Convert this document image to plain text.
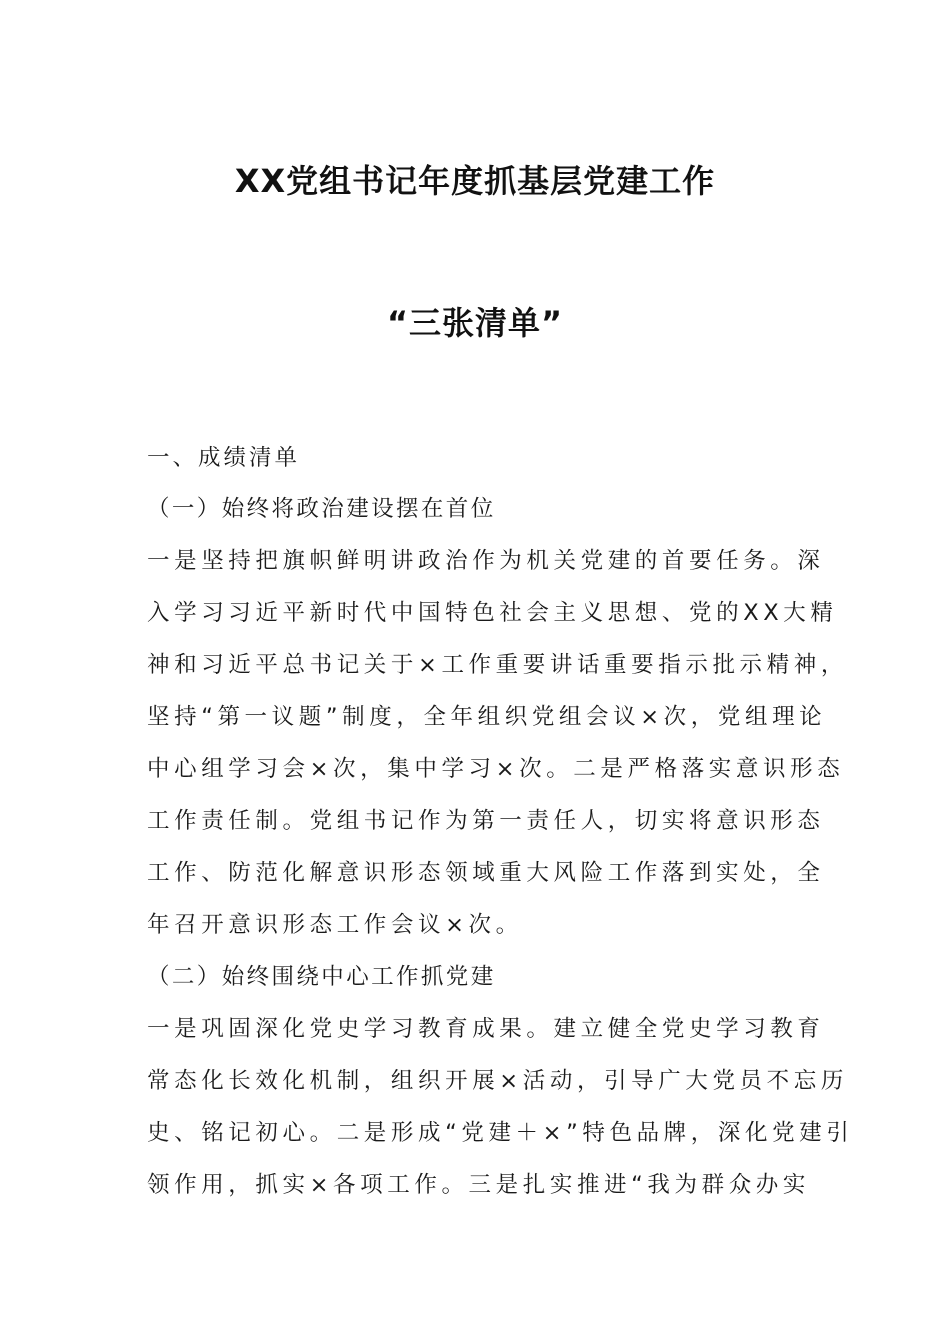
XX党组书记年度抓基层党建工作
“三张清单”
一、成绩清单
（一）始终将政治建设摆在首位
一是坚持把旗帜鲜明讲政治作为机关党建的首要任务。深
入学习习近平新时代中国特色社会主义思想、党的XX大精
神和习近平总书记关于×工作重要讲话重要指示批示精神，
坚持“第一议题”制度，全年组织党组会议×次，党组理论
中心组学习会×次，集中学习×次。二是严格落实意识形态
工作责任制。党组书记作为第一责任人，切实将意识形态
工作、防范化解意识形态领域重大风险工作落到实处，全
年召开意识形态工作会议×次。
（二）始终围绕中心工作抓党建
一是巩固深化党史学习教育成果。建立健全党史学习教育
常态化长效化机制，组织开展×活动，引导广大党员不忘历
史、铭记初心。二是形成“党建＋×”特色品牌，深化党建引
领作用，抓实×各项工作。三是扎实推进“我为群众办实
